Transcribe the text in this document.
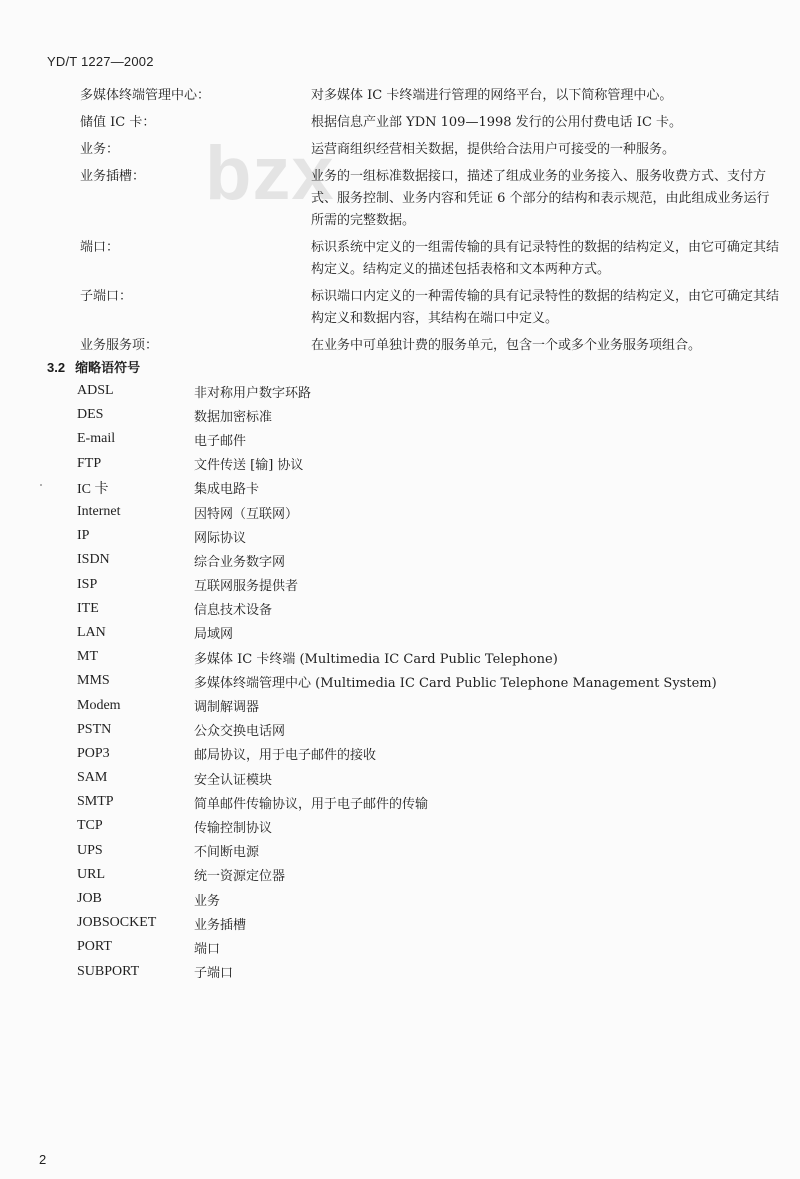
YD/T 1227—2002
bzx
多媒体终端管理中心：	对多媒体 IC 卡终端进行管理的网络平台，以下简称管理中心。
储值 IC 卡：	根据信息产业部 YDN 109—1998 发行的公用付费电话 IC 卡。
业务：	运营商组织经营相关数据，提供给合法用户可接受的一种服务。
业务插槽：	业务的一组标准数据接口，描述了组成业务的业务接入、服务收费方式、支付方式、服务控制、业务内容和凭证 6 个部分的结构和表示规范，由此组成业务运行所需的完整数据。
端口：	标识系统中定义的一组需传输的具有记录特性的数据的结构定义，由它可确定其结构定义。结构定义的描述包括表格和文本两种方式。
子端口：	标识端口内定义的一种需传输的具有记录特性的数据的结构定义，由它可确定其结构定义和数据内容，其结构在端口中定义。
业务服务项：	在业务中可单独计费的服务单元，包含一个或多个业务服务项组合。
3.2 缩略语符号
ADSL	非对称用户数字环路
DES	数据加密标准
E-mail	电子邮件
FTP	文件传送 [输] 协议
IC 卡	集成电路卡
Internet	因特网（互联网）
IP	网际协议
ISDN	综合业务数字网
ISP	互联网服务提供者
ITE	信息技术设备
LAN	局域网
MT	多媒体 IC 卡终端 (Multimedia IC Card Public Telephone)
MMS	多媒体终端管理中心 (Multimedia IC Card Public Telephone Management System)
Modem	调制解调器
PSTN	公众交换电话网
POP3	邮局协议，用于电子邮件的接收
SAM	安全认证模块
SMTP	简单邮件传输协议，用于电子邮件的传输
TCP	传输控制协议
UPS	不间断电源
URL	统一资源定位器
JOB	业务
JOBSOCKET	业务插槽
PORT	端口
SUBPORT	子端口
2
